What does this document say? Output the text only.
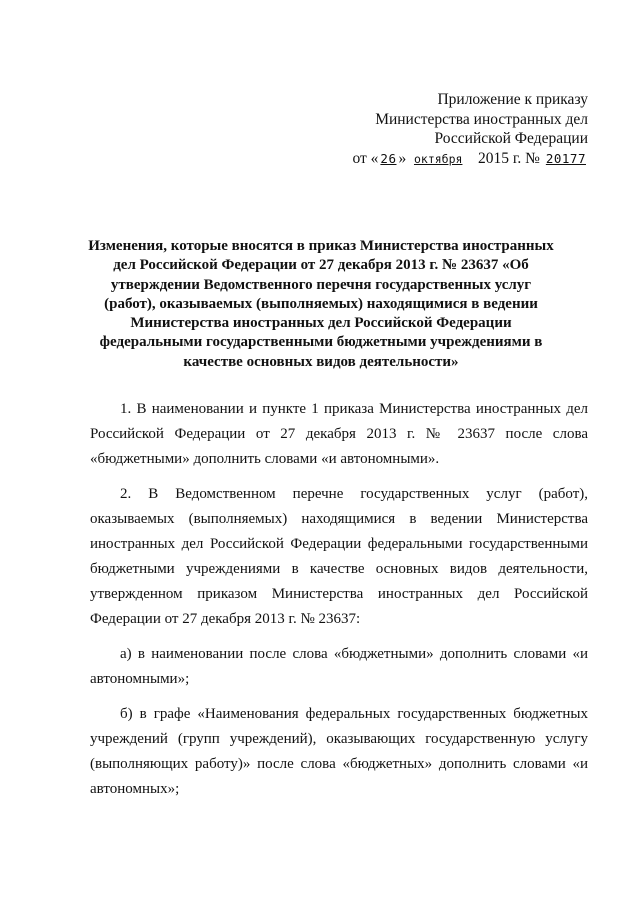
Приложение к приказу
Министерства иностранных дел
Российской Федерации
от « 26 » октября 2015 г. № 20177
Изменения, которые вносятся в приказ Министерства иностранных дел Российской Федерации от 27 декабря 2013 г. № 23637 «Об утверждении Ведомственного перечня государственных услуг (работ), оказываемых (выполняемых) находящимися в ведении Министерства иностранных дел Российской Федерации федеральными государственными бюджетными учреждениями в качестве основных видов деятельности»

1. В наименовании и пункте 1 приказа Министерства иностранных дел Российской Федерации от 27 декабря 2013 г. № 23637 после слова «бюджетными» дополнить словами «и автономными».

2. В Ведомственном перечне государственных услуг (работ), оказываемых (выполняемых) находящимися в ведении Министерства иностранных дел Российской Федерации федеральными государственными бюджетными учреждениями в качестве основных видов деятельности, утвержденном приказом Министерства иностранных дел Российской Федерации от 27 декабря 2013 г. № 23637:

а) в наименовании после слова «бюджетными» дополнить словами «и автономными»;

б) в графе «Наименования федеральных государственных бюджетных учреждений (групп учреждений), оказывающих государственную услугу (выполняющих работу)» после слова «бюджетных» дополнить словами «и автономных»;
